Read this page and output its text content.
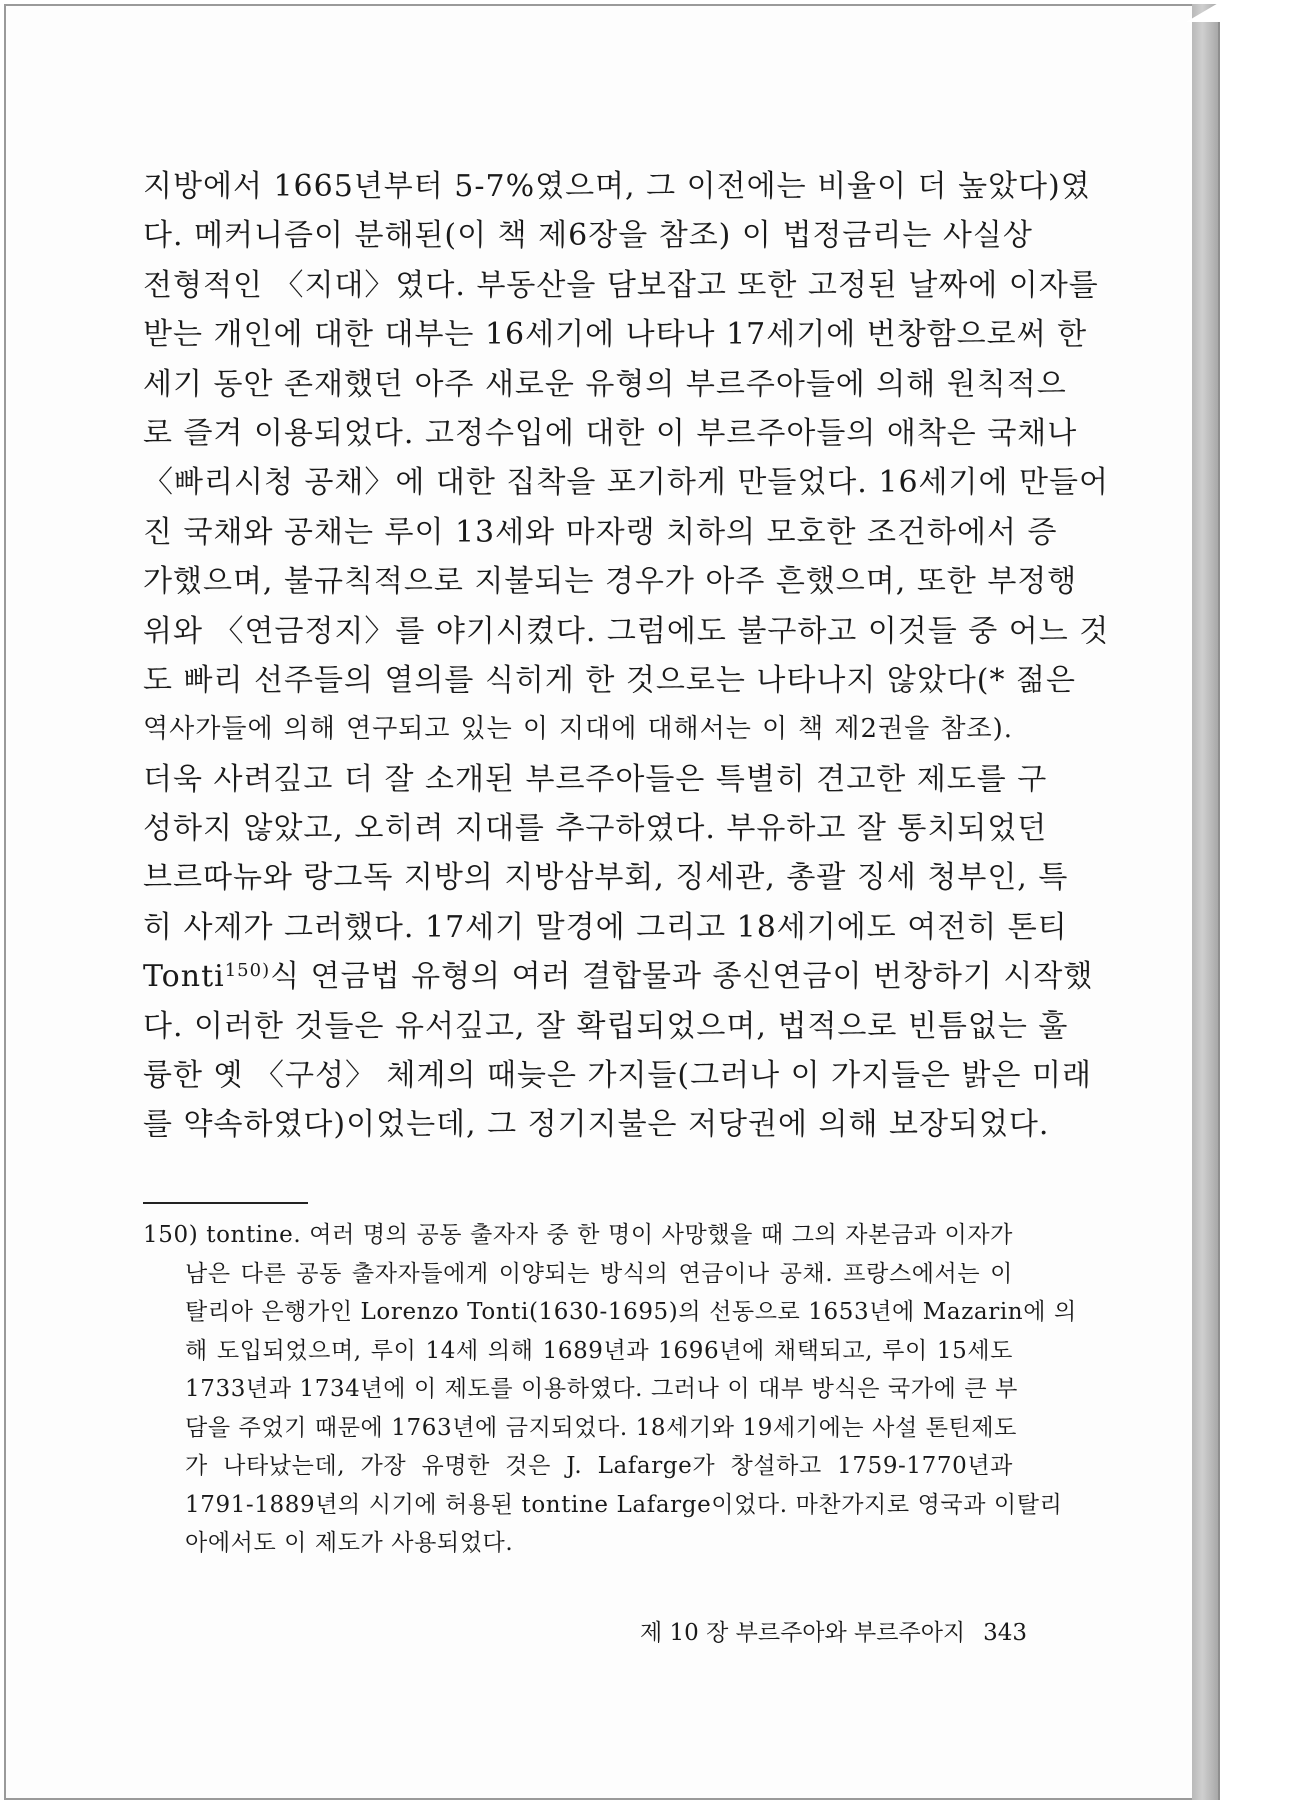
지방에서 1665년부터 5-7%였으며, 그 이전에는 비율이 더 높았다)였
다. 메커니즘이 분해된(이 책 제6장을 참조) 이 법정금리는 사실상
전형적인 〈지대〉였다. 부동산을 담보잡고 또한 고정된 날짜에 이자를
받는 개인에 대한 대부는 16세기에 나타나 17세기에 번창함으로써 한
세기 동안 존재했던 아주 새로운 유형의 부르주아들에 의해 원칙적으
로 즐겨 이용되었다. 고정수입에 대한 이 부르주아들의 애착은 국채나
〈빠리시청 공채〉에 대한 집착을 포기하게 만들었다. 16세기에 만들어
진 국채와 공채는 루이 13세와 마자랭 치하의 모호한 조건하에서 증
가했으며, 불규칙적으로 지불되는 경우가 아주 흔했으며, 또한 부정행
위와 〈연금정지〉를 야기시켰다. 그럼에도 불구하고 이것들 중 어느 것
도 빠리 선주들의 열의를 식히게 한 것으로는 나타나지 않았다(* 젊은
역사가들에 의해 연구되고 있는 이 지대에 대해서는 이 책 제2권을 참조).
더욱 사려깊고 더 잘 소개된 부르주아들은 특별히 견고한 제도를 구
성하지 않았고, 오히려 지대를 추구하였다. 부유하고 잘 통치되었던
브르따뉴와 랑그독 지방의 지방삼부회, 징세관, 총괄 징세 청부인, 특
히 사제가 그러했다. 17세기 말경에 그리고 18세기에도 여전히 톤티
Tonti$^{150)}$식 연금법 유형의 여러 결합물과 종신연금이 번창하기 시작했
다. 이러한 것들은 유서깊고, 잘 확립되었으며, 법적으로 빈틈없는 훌
륭한 옛 〈구성〉 체계의 때늦은 가지들(그러나 이 가지들은 밝은 미래
를 약속하였다)이었는데, 그 정기지불은 저당권에 의해 보장되었다.
150) tontine. 여러 명의 공동 출자자 중 한 명이 사망했을 때 그의 자본금과 이자가
남은 다른 공동 출자자들에게 이양되는 방식의 연금이나 공채. 프랑스에서는 이
탈리아 은행가인 Lorenzo Tonti(1630-1695)의 선동으로 1653년에 Mazarin에 의
해 도입되었으며, 루이 14세 의해 1689년과 1696년에 채택되고, 루이 15세도
1733년과 1734년에 이 제도를 이용하였다. 그러나 이 대부 방식은 국가에 큰 부
담을 주었기 때문에 1763년에 금지되었다. 18세기와 19세기에는 사설 톤틴제도
가 나타났는데, 가장 유명한 것은 J. Lafarge가 창설하고 1759-1770년과
1791-1889년의 시기에 허용된 tontine Lafarge이었다. 마찬가지로 영국과 이탈리
아에서도 이 제도가 사용되었다.
제 10 장 부르주아와 부르주아지 343
